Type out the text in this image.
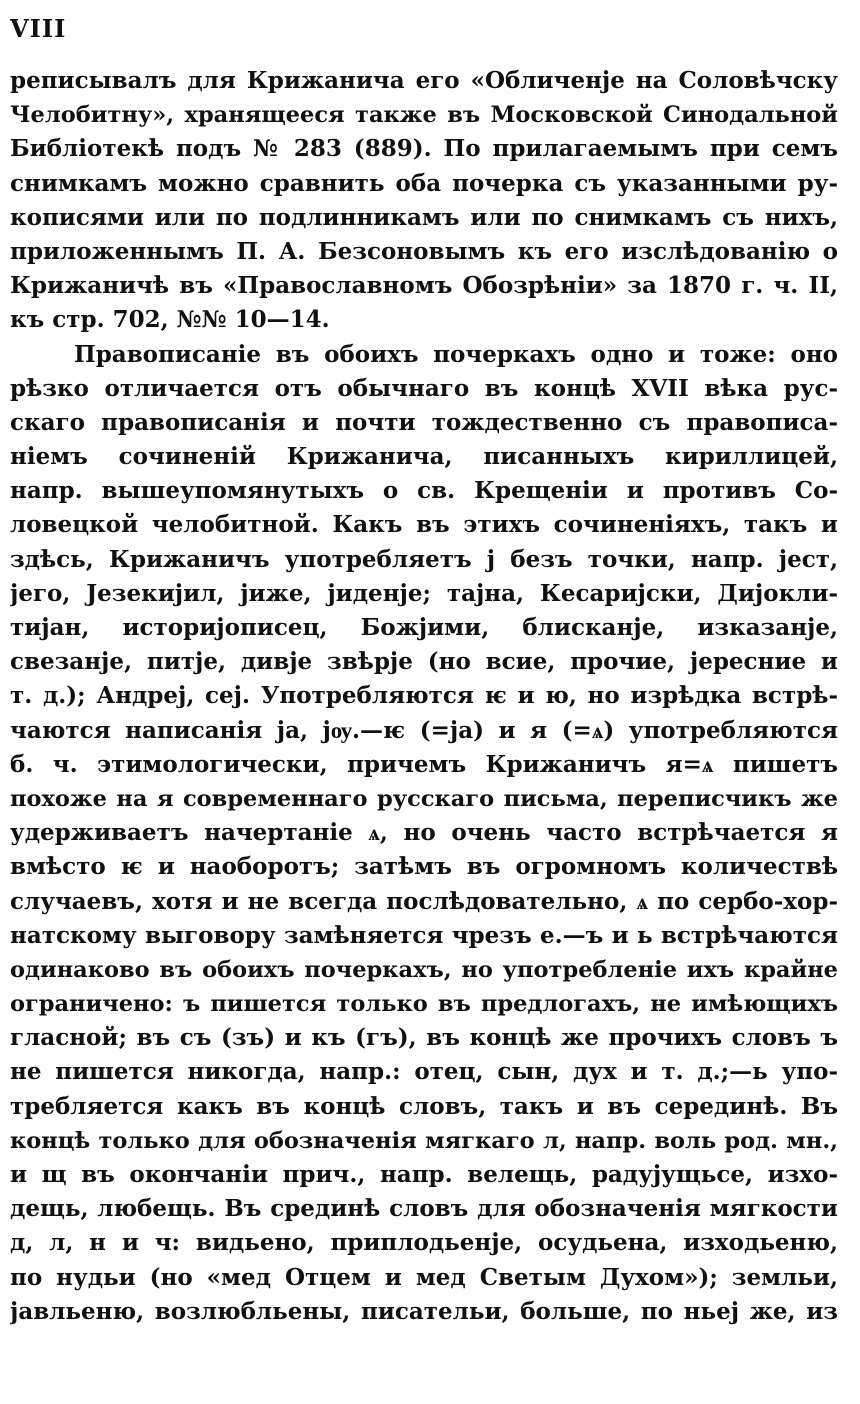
VIII
реписывалъ для Крижанича его «Обличенје на Соловѣчску
Челобитну», хранящееся также въ Московской Синодальной
Библіотекѣ подъ № 283 (889). По прилагаемымъ при семъ
снимкамъ можно сравнить оба почерка съ указанными ру-
кописями или по подлинникамъ или по снимкамъ съ нихъ,
приложеннымъ П. А. Безсоновымъ къ его изслѣдованію о
Крижаничѣ въ «Православномъ Обозрѣніи» за 1870 г. ч. II,
къ стр. 702, №№ 10—14.
Правописаніе въ обоихъ почеркахъ одно и тоже: оно
рѣзко отличается отъ обычнаго въ концѣ XVII вѣка рус-
скаго правописанія и почти тождественно съ правописа-
ніемъ сочиненій Крижанича, писанныхъ кириллицей,
напр. вышеупомянутыхъ о св. Крещеніи и противъ Со-
ловецкой челобитной. Какъ въ этихъ сочиненіяхъ, такъ и
здѣсь, Крижаничъ употребляетъ ј безъ точки, напр. јест,
јего, Језекијил, јиже, јиденје; тајна, Кесаријски, Дијокли-
тијан, историјописец, Божјими, блисканје, изказанје,
свезанје, питје, дивје звѣрје (но всие, прочие, јересние и
т. д.); Андреј, сеј. Употребляются ѥ и ю, но изрѣдка встрѣ-
чаются написанія ја, јѹ.—ѥ (=ја) и я (=ѧ) употребляются
б. ч. этимологически, причемъ Крижаничъ я=ѧ пишетъ
похоже на я современнаго русскаго письма, переписчикъ же
удерживаетъ начертаніе ѧ, но очень часто встрѣчается я
вмѣсто ѥ и наоборотъ; затѣмъ въ огромномъ количествѣ
случаевъ, хотя и не всегда послѣдовательно, ѧ по сербо-хор-
натскому выговору замѣняется чрезъ е.—ъ и ь встрѣчаются
одинаково въ обоихъ почеркахъ, но употребленіе ихъ крайне
ограничено: ъ пишется только въ предлогахъ, не имѣющихъ
гласной; въ съ (зъ) и къ (гъ), въ концѣ же прочихъ словъ ъ
не пишется никогда, напр.: отец, сын, дух и т. д.;—ь упо-
требляется какъ въ концѣ словъ, такъ и въ серединѣ. Въ
концѣ только для обозначенія мягкаго л, напр. воль род. мн.,
и щ въ окончаніи прич., напр. велещь, радујущьсе, изхо-
дещь, любещь. Въ срединѣ словъ для обозначенія мягкости
д, л, н и ч: видьено, приплодьенје, осудьена, изходьеню,
по нудьи (но «мед Отцем и мед Светым Духом»); земльи,
јавльеню, возлюбльены, писательи, больше, по ньеј же, из
